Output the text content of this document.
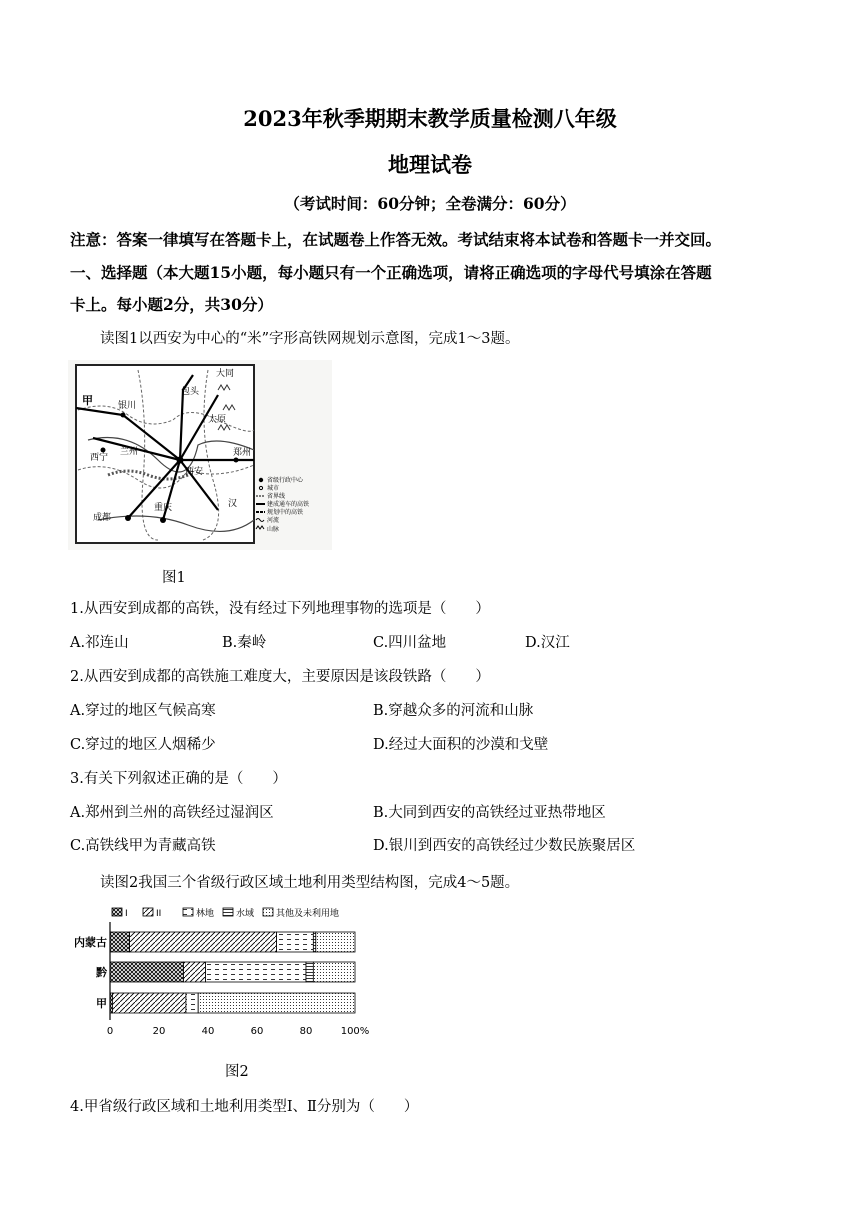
2023年秋季期期末教学质量检测八年级
地理试卷
（考试时间：60分钟；全卷满分：60分）
注意：答案一律填写在答题卡上，在试题卷上作答无效。考试结束将本试卷和答题卡一并交回。
一、选择题（本大题15小题，每小题只有一个正确选项，请将正确选项的字母代号填涂在答题
卡上。每小题2分，共30分）
读图1以西安为中心的“米”字形高铁网规划示意图，完成1～3题。
甲	银川
西宁
兰州
包头
大同
太原
西安
郑州
成都
重庆	汉
省级行政中心
城市
省界线
建成通车的高铁
规划中的高铁
河流
山脉
图1
1.从西安到成都的高铁，没有经过下列地理事物的选项是（　　）
A.祁连山	B.秦岭	C.四川盆地	D.汉江
2.从西安到成都的高铁施工难度大，主要原因是该段铁路（　　）
A.穿过的地区气候高寒	B.穿越众多的河流和山脉
C.穿过的地区人烟稀少	D.经过大面积的沙漠和戈壁
3.有关下列叙述正确的是（　　）
A.郑州到兰州的高铁经过湿润区	B.大同到西安的高铁经过亚热带地区
C.高铁线甲为青藏高铁	D.银川到西安的高铁经过少数民族聚居区
读图2我国三个省级行政区域土地利用类型结构图，完成4～5题。
I	II	林地 水域 其他及未利用地
内蒙古
黔
甲
0	20	40	60	80	100%
图2
4.甲省级行政区域和土地利用类型Ⅰ、Ⅱ分别为（　　）
